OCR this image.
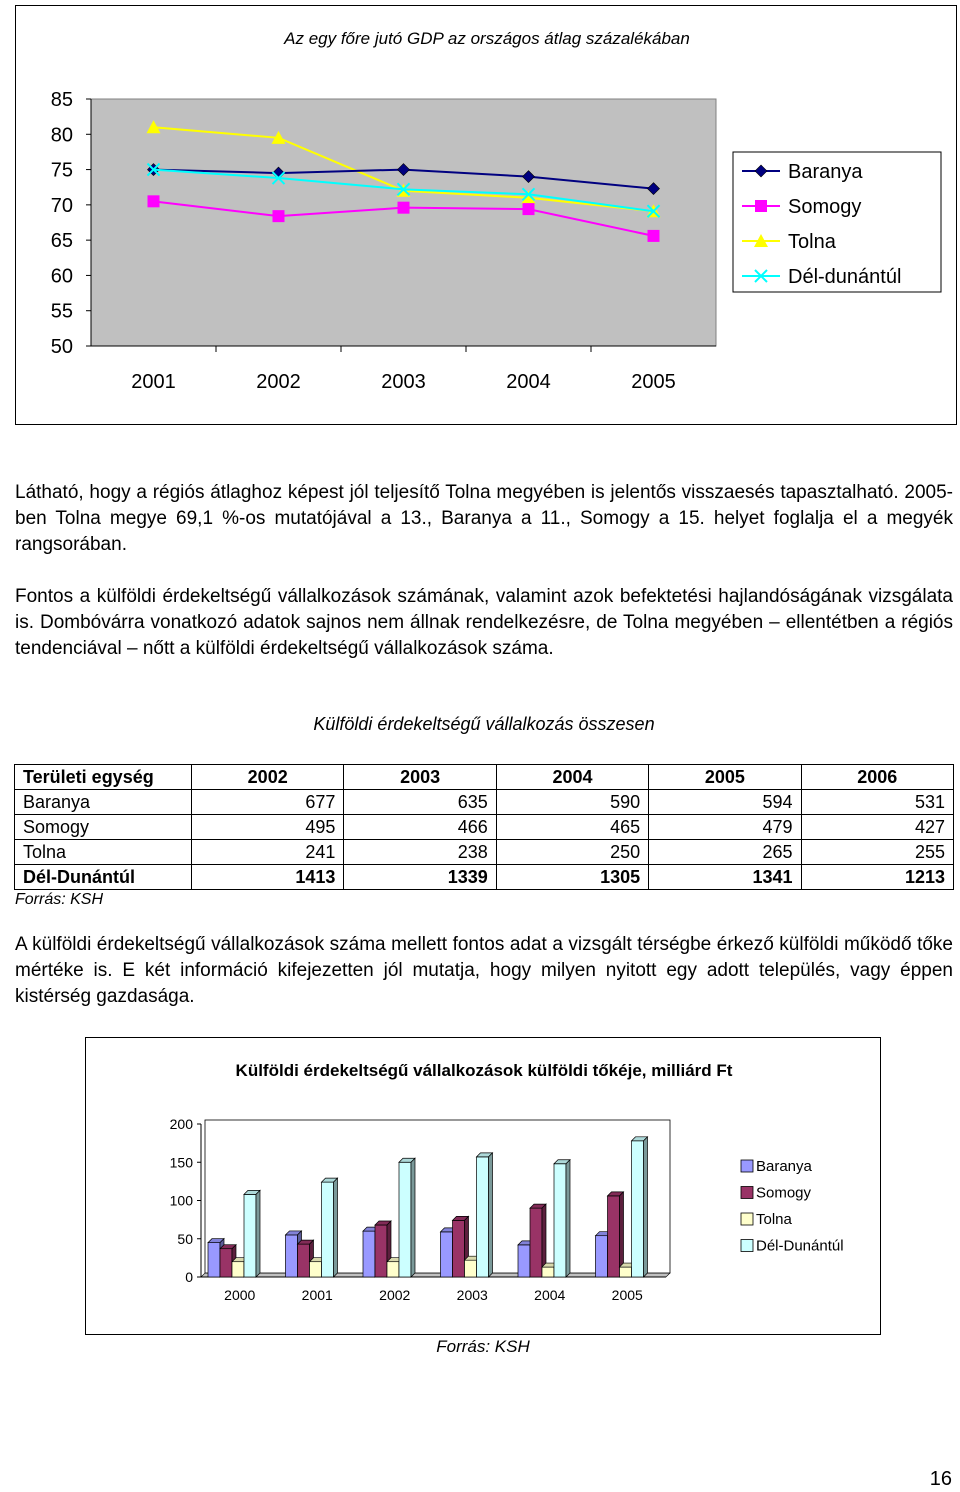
Az egy főre jutó GDP az országos átlag százalékában
85
80
75
70
65
60
55
50
2001	2002	2003	2004	2005
Baranya
Somogy
Tolna
Dél-dunántúl

Látható, hogy a régiós átlaghoz képest jól teljesítő Tolna megyében is jelentős visszaesés tapasztalható. 2005-ben Tolna megye 69,1 %-os mutatójával a 13., Baranya a 11., Somogy a 15. helyet foglalja el a megyék rangsorában.

Fontos a külföldi érdekeltségű vállalkozások számának, valamint azok befektetési hajlandóságának vizsgálata is. Dombóvárra vonatkozó adatok sajnos nem állnak rendelkezésre, de Tolna megyében – ellentétben a régiós tendenciával – nőtt a külföldi érdekeltségű vállalkozások száma.

Külföldi érdekeltségű vállalkozás összesen

Területi egység	2002	2003	2004	2005	2006
Baranya	677	635	590	594	531
Somogy	495	466	465	479	427
Tolna	241	238	250	265	255
Dél-Dunántúl	1413	1339	1305	1341	1213

Forrás: KSH

A külföldi érdekeltségű vállalkozások száma mellett fontos adat a vizsgált térségbe érkező külföldi működő tőke mértéke is. E két információ kifejezetten jól mutatja, hogy milyen nyitott egy adott település, vagy éppen kistérség gazdasága.

Külföldi érdekeltségű vállalkozások külföldi tőkéje, milliárd Ft
200
150
100
50
0
2000	2001	2002	2003	2004	2005
Baranya
Somogy
Tolna
Dél-Dunántúl

Forrás: KSH

16
